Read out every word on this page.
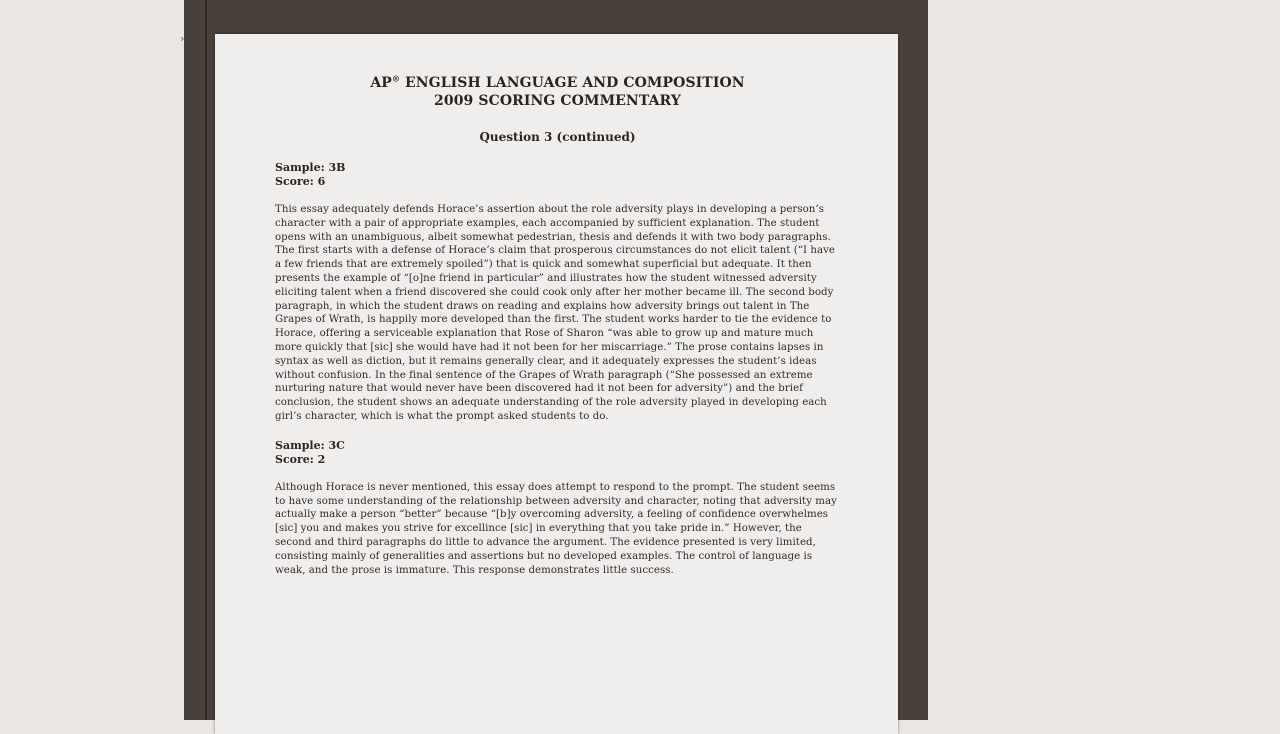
›
AP® ENGLISH LANGUAGE AND COMPOSITION
2009 SCORING COMMENTARY
Question 3 (continued)
Sample: 3B
Score: 6

This essay adequately defends Horace’s assertion about the role adversity plays in developing a person’s character with a pair of appropriate examples, each accompanied by sufficient explanation. The student opens with an unambiguous, albeit somewhat pedestrian, thesis and defends it with two body paragraphs. The first starts with a defense of Horace’s claim that prosperous circumstances do not elicit talent (“I have a few friends that are extremely spoiled”) that is quick and somewhat superficial but adequate. It then presents the example of “[o]ne friend in particular” and illustrates how the student witnessed adversity eliciting talent when a friend discovered she could cook only after her mother became ill. The second body paragraph, in which the student draws on reading and explains how adversity brings out talent in The Grapes of Wrath, is happily more developed than the first. The student works harder to tie the evidence to Horace, offering a serviceable explanation that Rose of Sharon “was able to grow up and mature much more quickly that [sic] she would have had it not been for her miscarriage.” The prose contains lapses in syntax as well as diction, but it remains generally clear, and it adequately expresses the student’s ideas without confusion. In the final sentence of the Grapes of Wrath paragraph (“She possessed an extreme nurturing nature that would never have been discovered had it not been for adversity”) and the brief conclusion, the student shows an adequate understanding of the role adversity played in developing each girl’s character, which is what the prompt asked students to do.

Sample: 3C
Score: 2

Although Horace is never mentioned, this essay does attempt to respond to the prompt. The student seems to have some understanding of the relationship between adversity and character, noting that adversity may actually make a person “better” because “[b]y overcoming adversity, a feeling of confidence overwhelmes [sic] you and makes you strive for excellince [sic] in everything that you take pride in.” However, the second and third paragraphs do little to advance the argument. The evidence presented is very limited, consisting mainly of generalities and assertions but no developed examples. The control of language is weak, and the prose is immature. This response demonstrates little success.
